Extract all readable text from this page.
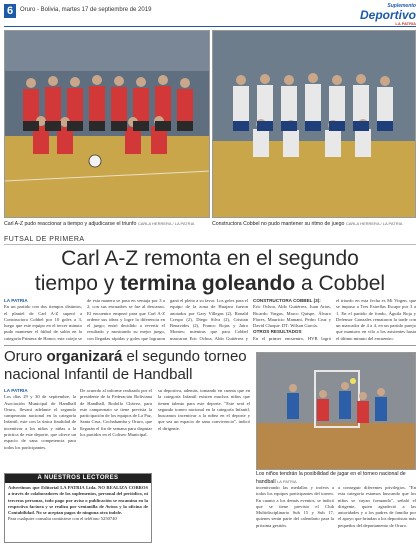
6	Oruro - Bolivia, martes 17 de septiembre de 2019
Suplemento
Deportivo
LA PATRIA
Carl A-Z pudo reaccionar a tiempo y adjudicarse el triunfo CARLA HERRERA / LA PATRIA	Constructora Cobbel no pudo mantener su ritmo de juego CARLA HERRERA / LA PATRIA
FUTSAL DE PRIMERA
Carl A-Z remonta en el segundo
tiempo y termina goleando a Cobbel
LA PATRIA
En un partido con dos tiempos distintos, el plantel de Carl A-Z superó a Constructora Cobbel por 10 goles a 3, luego que este equipo en el tercer minuto pudo mantener el fútbol de salón en la categoría Primera de Honor; este cotejo se
de esta manera se pasa en ventaja por 3 a 2, con sus encuadres se fue al descanso. El encuentro empezó para que Carl A-Z ordene sus ideas y logre la diferencia en el juego; entró decidido a revertir el resultado y mostrando su mejor juego, con llegadas rápidas y goles que lograron
ganó el pleito a su favor. Los goles para el equipo de la zona de Huajara fueron anotados por Gary Villegas (2), Ronald Crespo (2), Diego Silva (2), Cristian Benavides (2), Franco Rojas y Jairo Montes; mientras que para Cobbel marcaron Eric Ochoa, Aldo Gutiérrez y
CONSTRUCTORA COBBEL (3):
Eric Ochoa, Aldo Gutiérrez, Juan Arias, Ricardo Vargas, Marco Quispe, Álvaro Flores, Mauricio Mamani, Pedro Cruz y David Choque. DT: Wilson García.
OTROS RESULTADOS
En el primer encuentro, HVB logró
el triunfo en esta fecha es Mi Virgen, que se impuso a Tres Estrellas Escape por 3 a 1. En el partido de fondo, Águila Roja y Defensor Gonzales remataron la tarde con un marcador de 4 a 4, en un partido parejo que mantuvo en vilo a los asistentes hasta el último minuto del encuentro.
Oruro organizará el segundo torneo
nacional Infantil de Handball
LA PATRIA
Los días 29 y 30 de septiembre, la Asociación Municipal de Handball Oruro, llevará adelante el segundo campeonato nacional en la categoría Infantil, este con la única finalidad de incentivar a los niños y niñas a la práctica de este deporte, que ofrece un espacio de sana competencia para todos los participantes.
De acuerdo al informe realizado por el presidente de la Federación Boliviana de Handball, Rodolfo Chávez, para este campeonato se tiene prevista la participación de los equipos de La Paz, Santa Cruz, Cochabamba y Oruro, que llegarán el fin de semana para disputar los partidos en el Coliseo Municipal.
su deportiva, además, tomando en cuenta que en la categoría Infantil existen muchos niños que tienen talento para este deporte. "Este será el segundo torneo nacional en la categoría Infantil, buscamos incentivar a la niñez en el deporte y que sea un espacio de sana convivencia", indicó el dirigente.
Los niños tendrán la posibilidad de jugar en el torneo nacional de handball LA PATRIA
incentivando las medallas y trofeos a todos los equipos participantes del torneo. En cuanto a los demás eventos, se indicó que se tiene previsto el Club Multidisciplinario Sub 15 y Sub 17, quienes serán parte del calendario para la próxima gestión.
a conseguir diferentes privilegios. "En esta categoría estamos buscando que los niños se vayan formando", señaló el dirigente, quien agradeció a las autoridades y a los padres de familia por el apoyo que brindan a los deportistas más pequeños del departamento de Oruro.
A NUESTROS LECTORES
Advertimos que Editorial LA PATRIA Ltda. NO REALIZA COBROS a través de colaboradores de los suplementos, personal del periódico, ni terceras personas, todo pago por aviso o publicación se encamina en la respectiva factura y se realiza por ventanilla de Avisos y la oficina de Contabilidad. No se aceptan pagos de ninguna otra índole.
Para cualquier consulta contáctese con el teléfono 5250740
